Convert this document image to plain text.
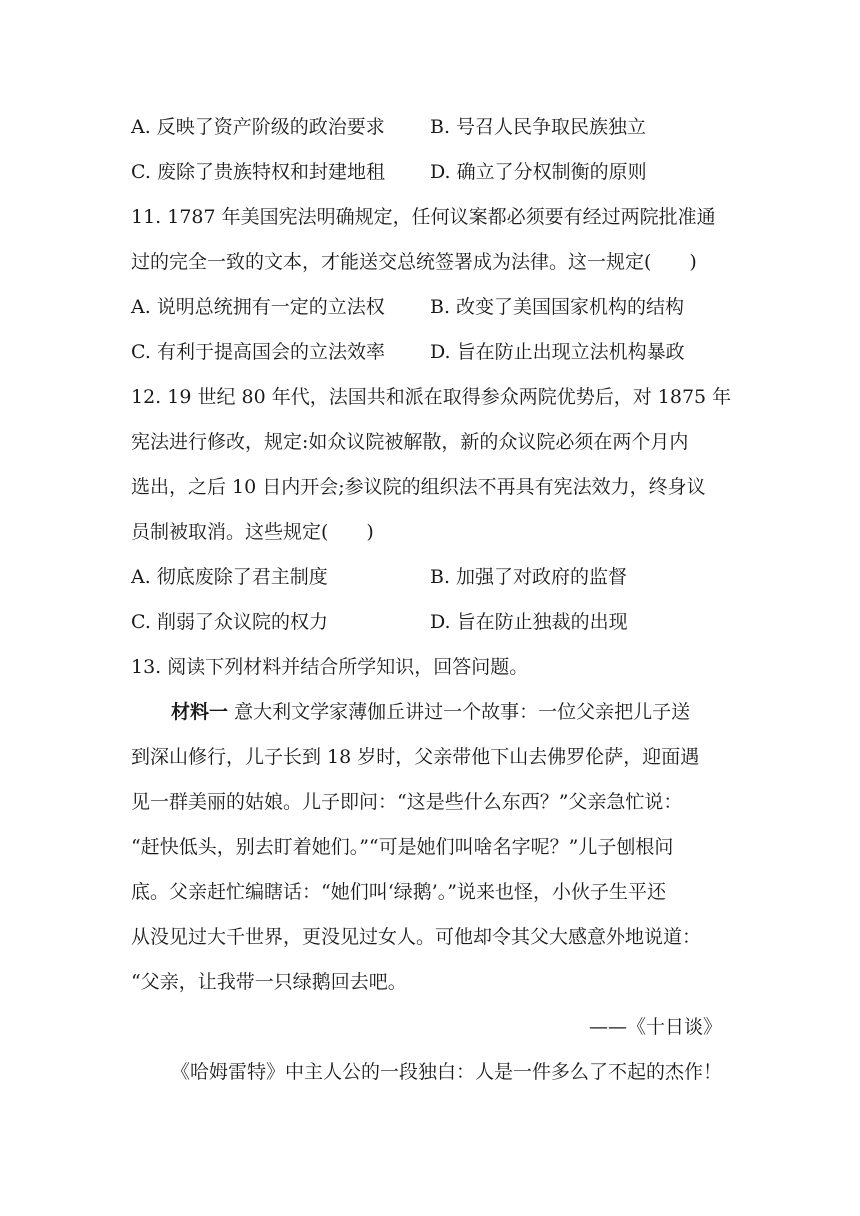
A. 反映了资产阶级的政治要求 B. 号召人民争取民族独立
C. 废除了贵族特权和封建地租 D. 确立了分权制衡的原则
11. 1787 年美国宪法明确规定，任何议案都必须要有经过两院批准通
过的完全一致的文本，才能送交总统签署成为法律。这一规定(　　)
A. 说明总统拥有一定的立法权 B. 改变了美国国家机构的结构
C. 有利于提高国会的立法效率 D. 旨在防止出现立法机构暴政
12. 19 世纪 80 年代，法国共和派在取得参众两院优势后，对 1875 年
宪法进行修改，规定:如众议院被解散，新的众议院必须在两个月内
选出，之后 10 日内开会;参议院的组织法不再具有宪法效力，终身议
员制被取消。这些规定(　　)
A. 彻底废除了君主制度	B. 加强了对政府的监督
C. 削弱了众议院的权力	D. 旨在防止独裁的出现
13. 阅读下列材料并结合所学知识，回答问题。
材料一 意大利文学家薄伽丘讲过一个故事：一位父亲把儿子送
到深山修行，儿子长到 18 岁时，父亲带他下山去佛罗伦萨，迎面遇
见一群美丽的姑娘。儿子即问：“这是些什么东西？”父亲急忙说：
“赶快低头，别去盯着她们。”“可是她们叫啥名字呢？”儿子刨根问
底。父亲赶忙编瞎话：“她们叫‘绿鹅’。”说来也怪，小伙子生平还
从没见过大千世界，更没见过女人。可他却令其父大感意外地说道：
“父亲，让我带一只绿鹅回去吧。
——《十日谈》
《哈姆雷特》中主人公的一段独白：人是一件多么了不起的杰作！
